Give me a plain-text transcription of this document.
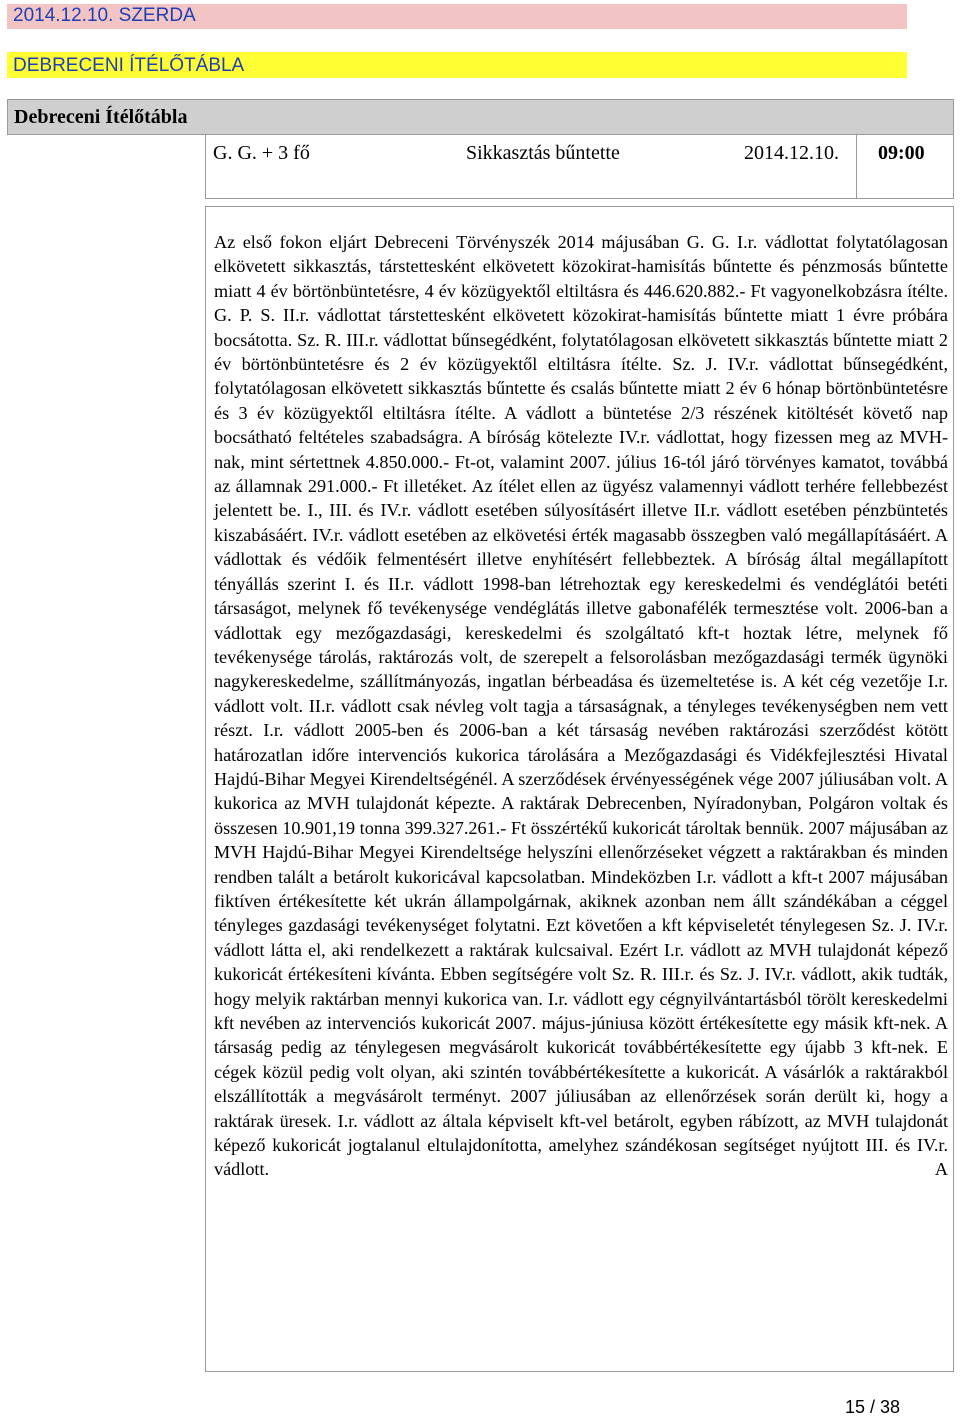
2014.12.10. SZERDA
DEBRECENI ÍTÉLŐTÁBLA
Debreceni Ítélőtábla
G. G. + 3 fő	Sikkasztás bűntette	2014.12.10. 09:00
Az első fokon eljárt Debreceni Törvényszék 2014 májusában G. G. I.r. vádlottat folytatólagosan elkövetett sikkasztás, társtettesként elkövetett közokirat-hamisítás bűntette és pénzmosás bűntette miatt 4 év börtönbüntetésre, 4 év közügyektől eltiltásra és 446.620.882.- Ft vagyonelkobzásra ítélte. G. P. S. II.r. vádlottat társtettesként elkövetett közokirat-hamisítás bűntette miatt 1 évre próbára bocsátotta. Sz. R. III.r. vádlottat bűnsegédként, folytatólagosan elkövetett sikkasztás bűntette miatt 2 év börtönbüntetésre és 2 év közügyektől eltiltásra ítélte. Sz. J. IV.r. vádlottat bűnsegédként, folytatólagosan elkövetett sikkasztás bűntette és csalás bűntette miatt 2 év 6 hónap börtönbüntetésre és 3 év közügyektől eltiltásra ítélte. A vádlott a büntetése 2/3 részének kitöltését követő nap bocsátható feltételes szabadságra. A bíróság kötelezte IV.r. vádlottat, hogy fizessen meg az MVH-nak, mint sértettnek 4.850.000.- Ft-ot, valamint 2007. július 16-tól járó törvényes kamatot, továbbá az államnak 291.000.- Ft illetéket. Az ítélet ellen az ügyész valamennyi vádlott terhére fellebbezést jelentett be. I., III. és IV.r. vádlott esetében súlyosításért illetve II.r. vádlott esetében pénzbüntetés kiszabásáért. IV.r. vádlott esetében az elkövetési érték magasabb összegben való megállapításáért. A vádlottak és védőik felmentésért illetve enyhítésért fellebbeztek. A bíróság által megállapított tényállás szerint I. és II.r. vádlott 1998-ban létrehoztak egy kereskedelmi és vendéglátói betéti társaságot, melynek fő tevékenysége vendéglátás illetve gabonafélék termesztése volt. 2006-ban a vádlottak egy mezőgazdasági, kereskedelmi és szolgáltató kft-t hoztak létre, melynek fő tevékenysége tárolás, raktározás volt, de szerepelt a felsorolásban mezőgazdasági termék ügynöki nagykereskedelme, szállítmányozás, ingatlan bérbeadása és üzemeltetése is. A két cég vezetője I.r. vádlott volt. II.r. vádlott csak névleg volt tagja a társaságnak, a tényleges tevékenységben nem vett részt. I.r. vádlott 2005-ben és 2006-ban a két társaság nevében raktározási szerződést kötött határozatlan időre intervenciós kukorica tárolására a Mezőgazdasági és Vidékfejlesztési Hivatal Hajdú-Bihar Megyei Kirendeltségénél. A szerződések érvényességének vége 2007 júliusában volt. A kukorica az MVH tulajdonát képezte. A raktárak Debrecenben, Nyíradonyban, Polgáron voltak és összesen 10.901,19 tonna 399.327.261.- Ft összértékű kukoricát tároltak bennük. 2007 májusában az MVH Hajdú-Bihar Megyei Kirendeltsége helyszíni ellenőrzéseket végzett a raktárakban és minden rendben talált a betárolt kukoricával kapcsolatban. Mindeközben I.r. vádlott a kft-t 2007 májusában fiktíven értékesítette két ukrán állampolgárnak, akiknek azonban nem állt szándékában a céggel tényleges gazdasági tevékenységet folytatni. Ezt követően a kft képviseletét ténylegesen Sz. J. IV.r. vádlott látta el, aki rendelkezett a raktárak kulcsaival. Ezért I.r. vádlott az MVH tulajdonát képező kukoricát értékesíteni kívánta. Ebben segítségére volt Sz. R. III.r. és Sz. J. IV.r. vádlott, akik tudták, hogy melyik raktárban mennyi kukorica van. I.r. vádlott egy cégnyilvántartásból törölt kereskedelmi kft nevében az intervenciós kukoricát 2007. május-júniusa között értékesítette egy másik kft-nek. A társaság pedig az ténylegesen megvásárolt kukoricát továbbértékesítette egy újabb 3 kft-nek. E cégek közül pedig volt olyan, aki szintén továbbértékesítette a kukoricát. A vásárlók a raktárakból elszállították a megvásárolt terményt. 2007 júliusában az ellenőrzések során derült ki, hogy a raktárak üresek. I.r. vádlott az általa képviselt kft-vel betárolt, egyben rábízott, az MVH tulajdonát képező kukoricát jogtalanul eltulajdonította, amelyhez szándékosan segítséget nyújtott III. és IV.r. vádlott. A
15 / 38
